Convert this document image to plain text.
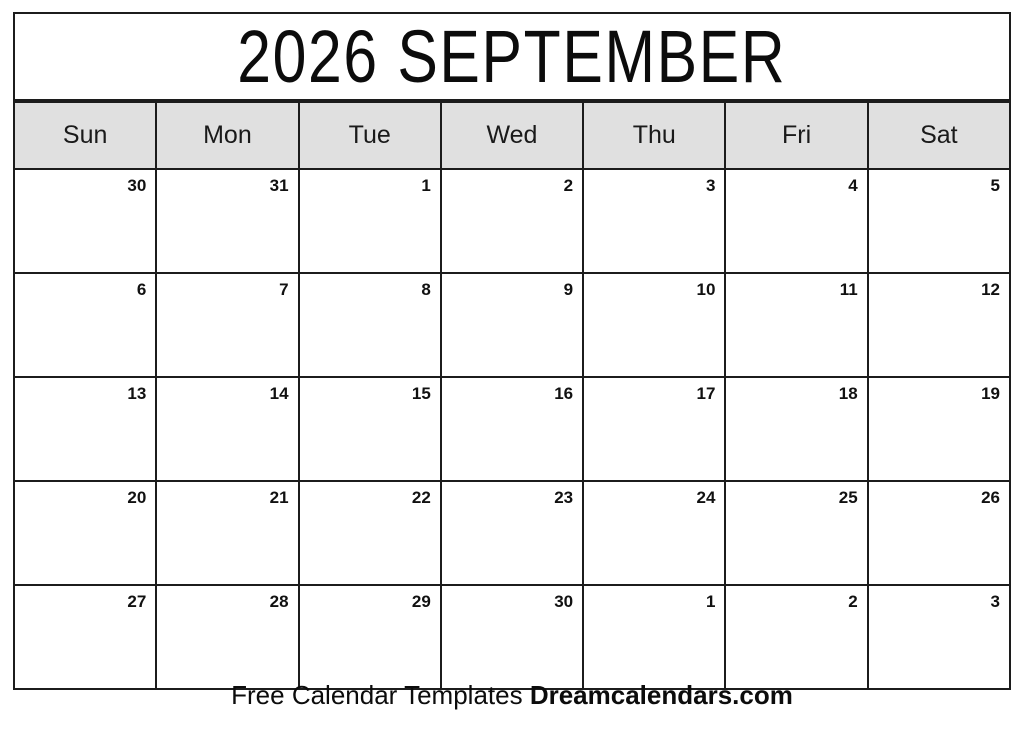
2026 SEPTEMBER
Sun	Mon	Tue	Wed	Thu	Fri	Sat
30	31	1	2	3	4	5
6	7	8	9	10	11	12
13	14	15	16	17	18	19
20	21	22	23	24	25	26
27	28	29	30	1	2	3
Free Calendar Templates Dreamcalendars.com
